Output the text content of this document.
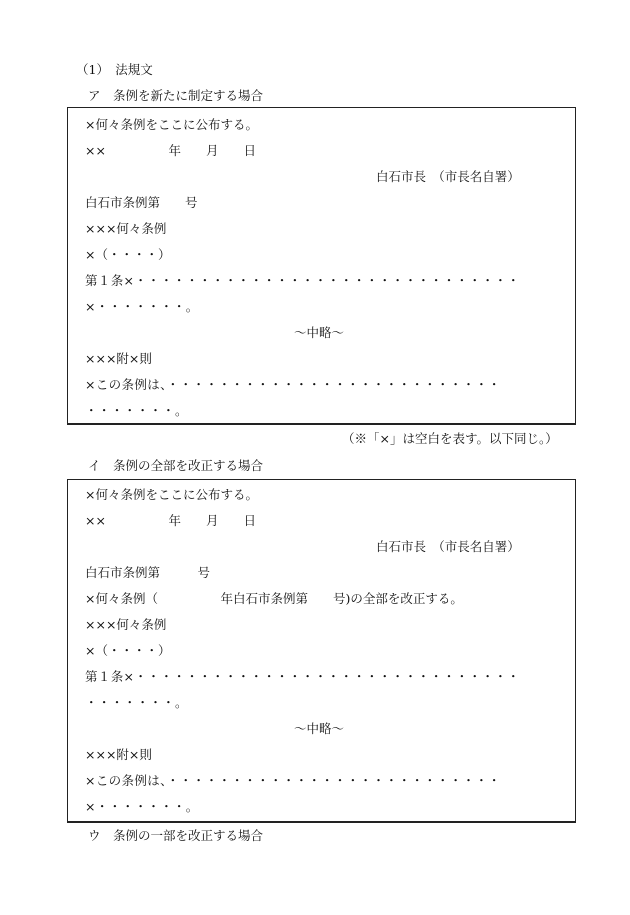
（1）　法規文
ア　条例を新たに制定する場合
×何々条例をここに公布する。
××　　　　　年　　月　　日
白石市長　（市長名自署）
白石市条例第　　号
×××何々条例
×（・・・・）
第１条×・・・・・・・・・・・・・・・・・・・・・・・・・・・・・・
×・・・・・・・。
～中略～
×××附×則
×この条例は、・・・・・・・・・・・・・・・・・・・・・・・・・・
・・・・・・・。
（※「×」は空白を表す。以下同じ。）
イ　条例の全部を改正する場合
×何々条例をここに公布する。
××　　　　　年　　月　　日
白石市長　（市長名自署）
白石市条例第　　　号
×何々条例（　　　　　年白石市条例第　　号)の全部を改正する。
×××何々条例
×（・・・・）
第１条×・・・・・・・・・・・・・・・・・・・・・・・・・・・・・・
・・・・・・・。
～中略～
×××附×則
×この条例は、・・・・・・・・・・・・・・・・・・・・・・・・・・
×・・・・・・・。
ウ　条例の一部を改正する場合
